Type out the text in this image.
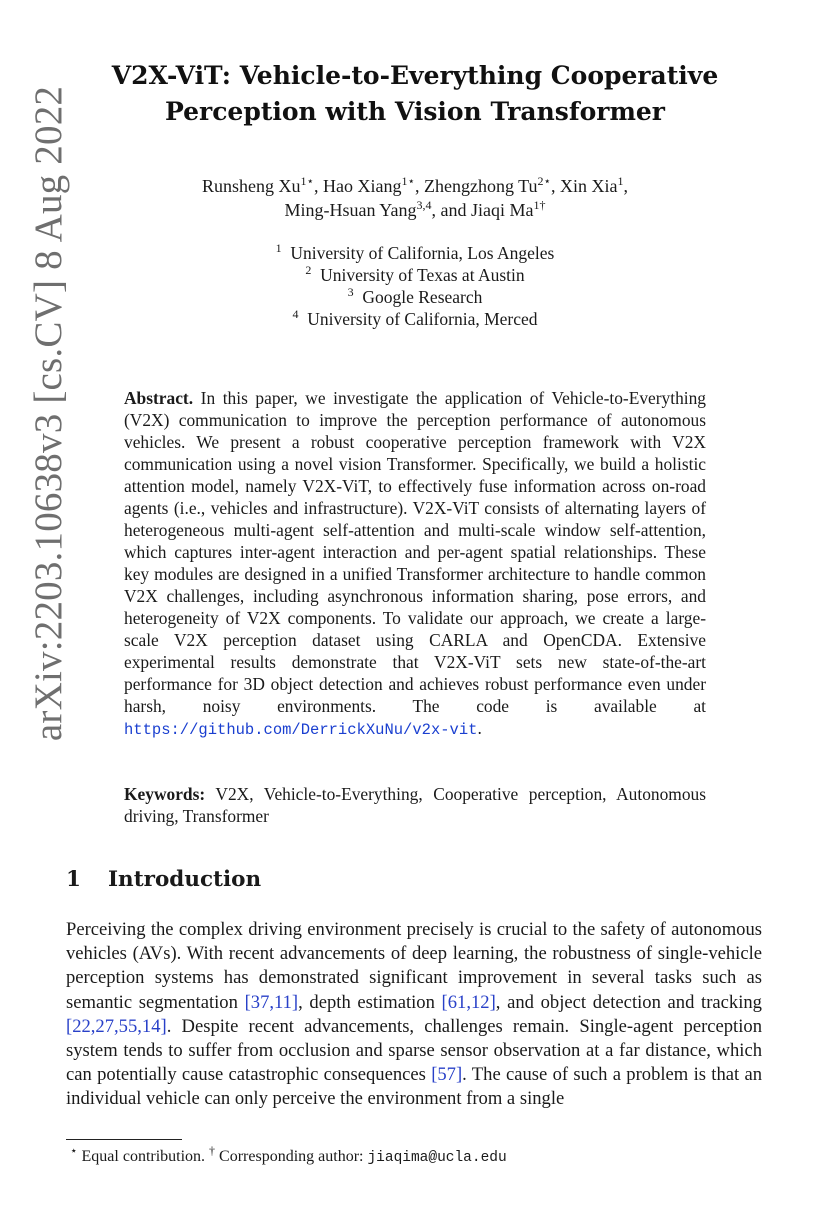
arXiv:2203.10638v3 [cs.CV] 8 Aug 2022
V2X-ViT: Vehicle-to-Everything Cooperative
Perception with Vision Transformer
Runsheng $Xu^{1⋆}$, Hao Xiang$^{1⋆}$, Zhengzhong $Tu^{2⋆}$, Xin Xia$^1$,
Ming-Hsuan Yang$^{3,4}$, and Jiaqi $Ma^{1\dagger}$
$^1$ University of California, Los Angeles
$^2$ University of Texas at Austin
$^3$ Google Research
$^4$ University of California, Merced
Abstract. In this paper, we investigate the application of Vehicle-to-Everything (V2X) communication to improve the perception performance of autonomous vehicles. We present a robust cooperative perception framework with V2X communication using a novel vision Transformer. Specifically, we build a holistic attention model, namely V2X-ViT, to effectively fuse information across on-road agents (i.e., vehicles and infrastructure). V2X-ViT consists of alternating layers of heterogeneous multi-agent self-attention and multi-scale window self-attention, which captures inter-agent interaction and per-agent spatial relationships. These key modules are designed in a unified Transformer architecture to handle common V2X challenges, including asynchronous information sharing, pose errors, and heterogeneity of V2X components. To validate our approach, we create a large-scale V2X perception dataset using CARLA and OpenCDA. Extensive experimental results demonstrate that V2X-ViT sets new state-of-the-art performance for 3D object detection and achieves robust performance even under harsh, noisy environments. The code is available at https://github.com/DerrickXuNu/v2x-vit.
Keywords: V2X, Vehicle-to-Everything, Cooperative perception, Autonomous driving, Transformer
1 Introduction
Perceiving the complex driving environment precisely is crucial to the safety of autonomous vehicles (AVs). With recent advancements of deep learning, the robustness of single-vehicle perception systems has demonstrated significant improvement in several tasks such as semantic segmentation [37,11], depth estimation [61,12], and object detection and tracking [22,27,55,14]. Despite recent advancements, challenges remain. Single-agent perception system tends to suffer from occlusion and sparse sensor observation at a far distance, which can potentially cause catastrophic consequences [57]. The cause of such a problem is that an individual vehicle can only perceive the environment from a single
⋆ Equal contribution. † Corresponding author: jiaqima@ucla.edu
